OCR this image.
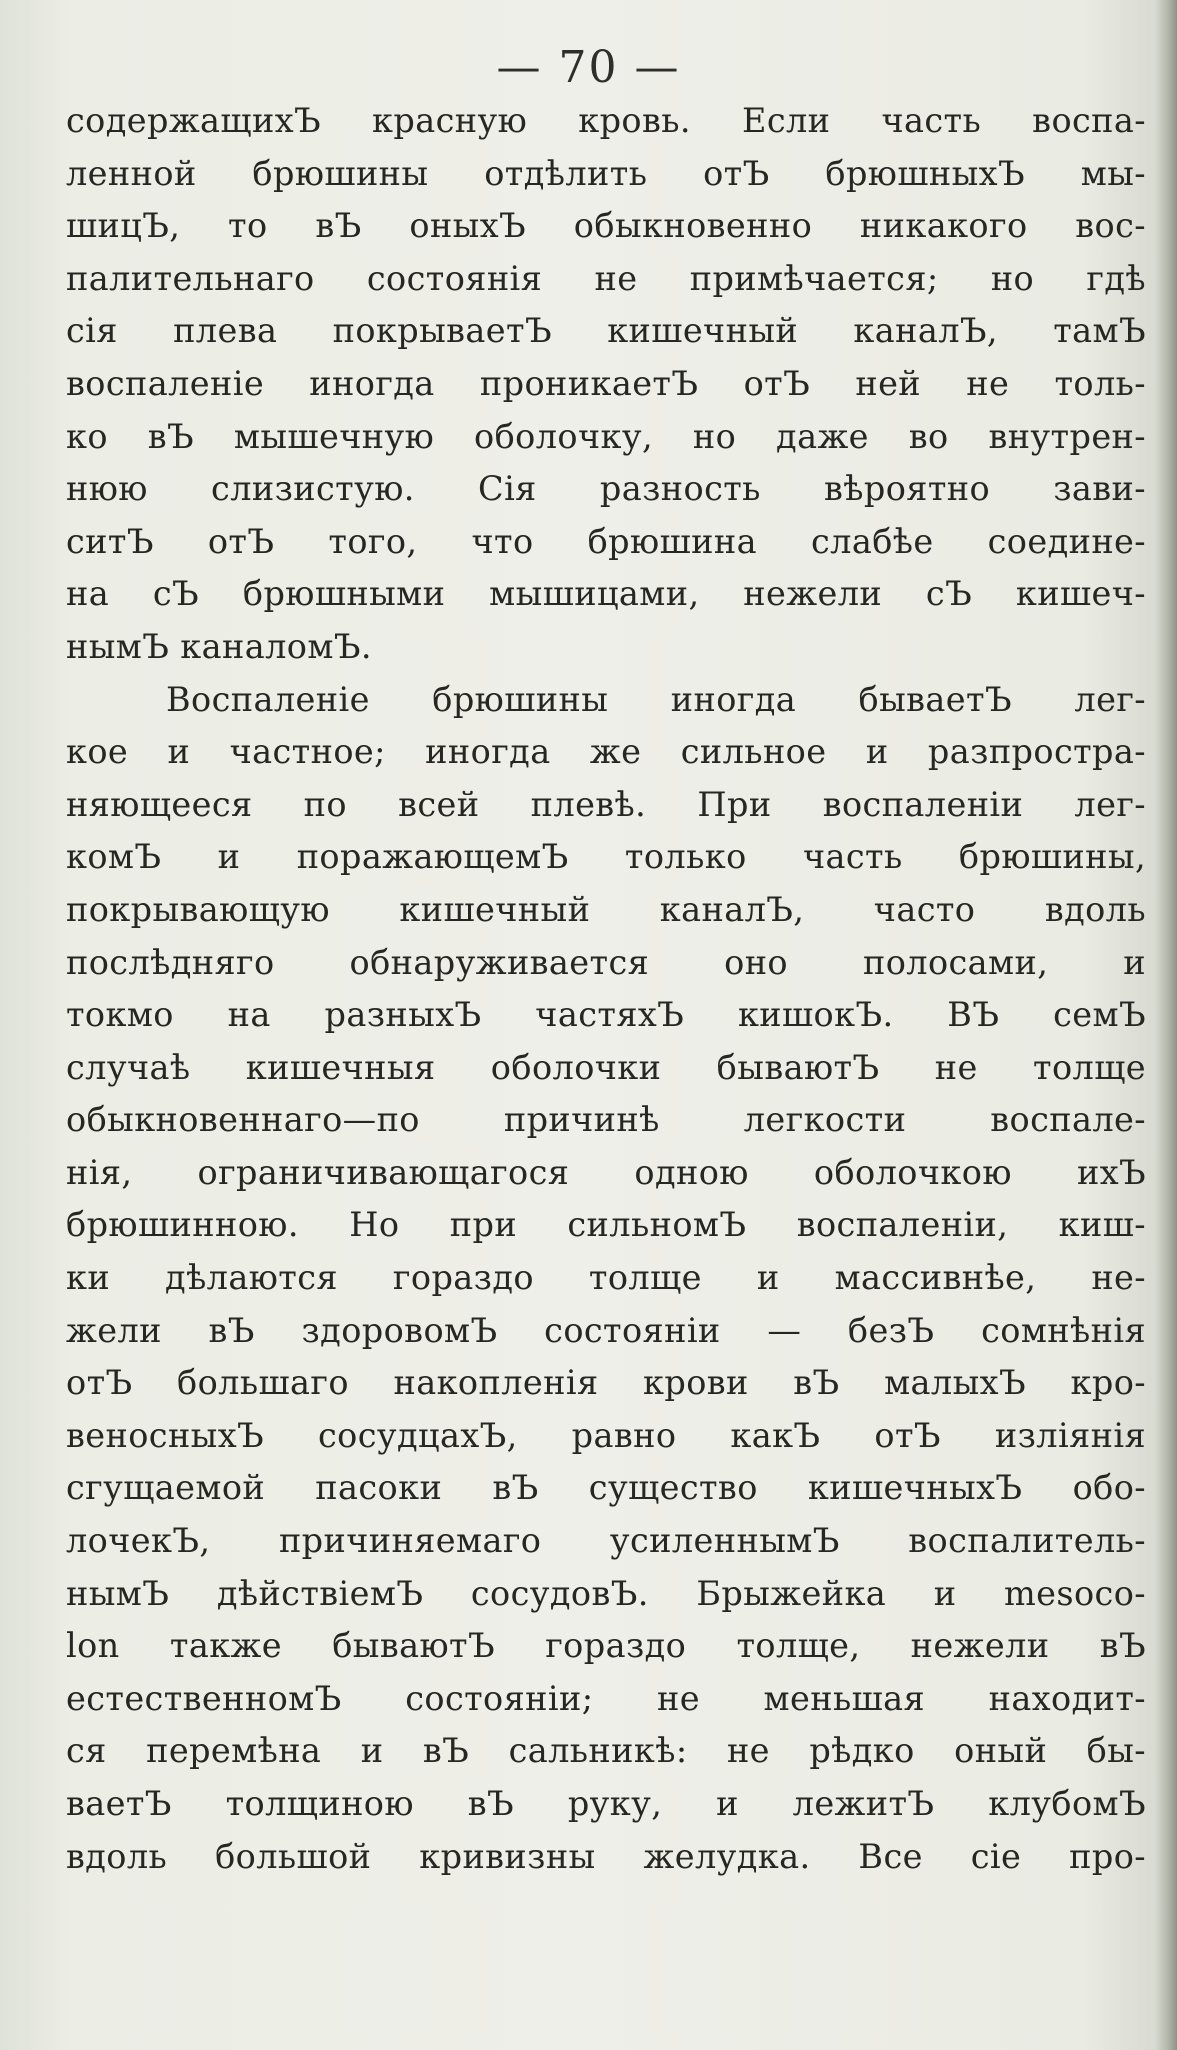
— 70 —
содержащихЪ красную кровь. Если часть воспа-
ленной брюшины отдѣлить отЪ брюшныхЪ мы-
шицЪ, то вЪ оныхЪ обыкновенно никакого вос-
палительнаго состоянія не примѣчается; но гдѣ
сія плева покрываетЪ кишечный каналЪ, тамЪ
воспаленіе иногда проникаетЪ отЪ ней не толь-
ко вЪ мышечную оболочку, но даже во внутрен-
нюю слизистую. Сія разность вѣроятно зави-
ситЪ отЪ того, что брюшина слабѣе соедине-
на сЪ брюшными мышицами, нежели сЪ кишеч-
нымЪ каналомЪ.
Воспаленіе брюшины иногда бываетЪ лег-
кое и частное; иногда же сильное и разпростра-
няющееся по всей плевѣ. При воспаленіи лег-
комЪ и поражающемЪ только часть брюшины,
покрывающую кишечный каналЪ, часто вдоль
послѣдняго обнаруживается оно полосами, и
токмо на разныхЪ частяхЪ кишокЪ. ВЪ семЪ
случаѣ кишечныя оболочки бываютЪ не толще
обыкновеннаго—по причинѣ легкости воспале-
нія, ограничивающагося одною оболочкою ихЪ
брюшинною. Но при сильномЪ воспаленіи, киш-
ки дѣлаются гораздо толще и массивнѣе, не-
жели вЪ здоровомЪ состояніи — безЪ сомнѣнія
отЪ большаго накопленія крови вЪ малыхЪ кро-
веносныхЪ сосудцахЪ, равно какЪ отЪ изліянія
сгущаемой пасоки вЪ существо кишечныхЪ обо-
лочекЪ, причиняемаго усиленнымЪ воспалитель-
нымЪ дѣйствіемЪ сосудовЪ. Брыжейка и mesoco-
lon также бываютЪ гораздо толще, нежели вЪ
естественномЪ состояніи; не меньшая находит-
ся перемѣна и вЪ сальникѣ: не рѣдко оный бы-
ваетЪ толщиною вЪ руку, и лежитЪ клубомЪ
вдоль большой кривизны желудка. Все сіе про-
